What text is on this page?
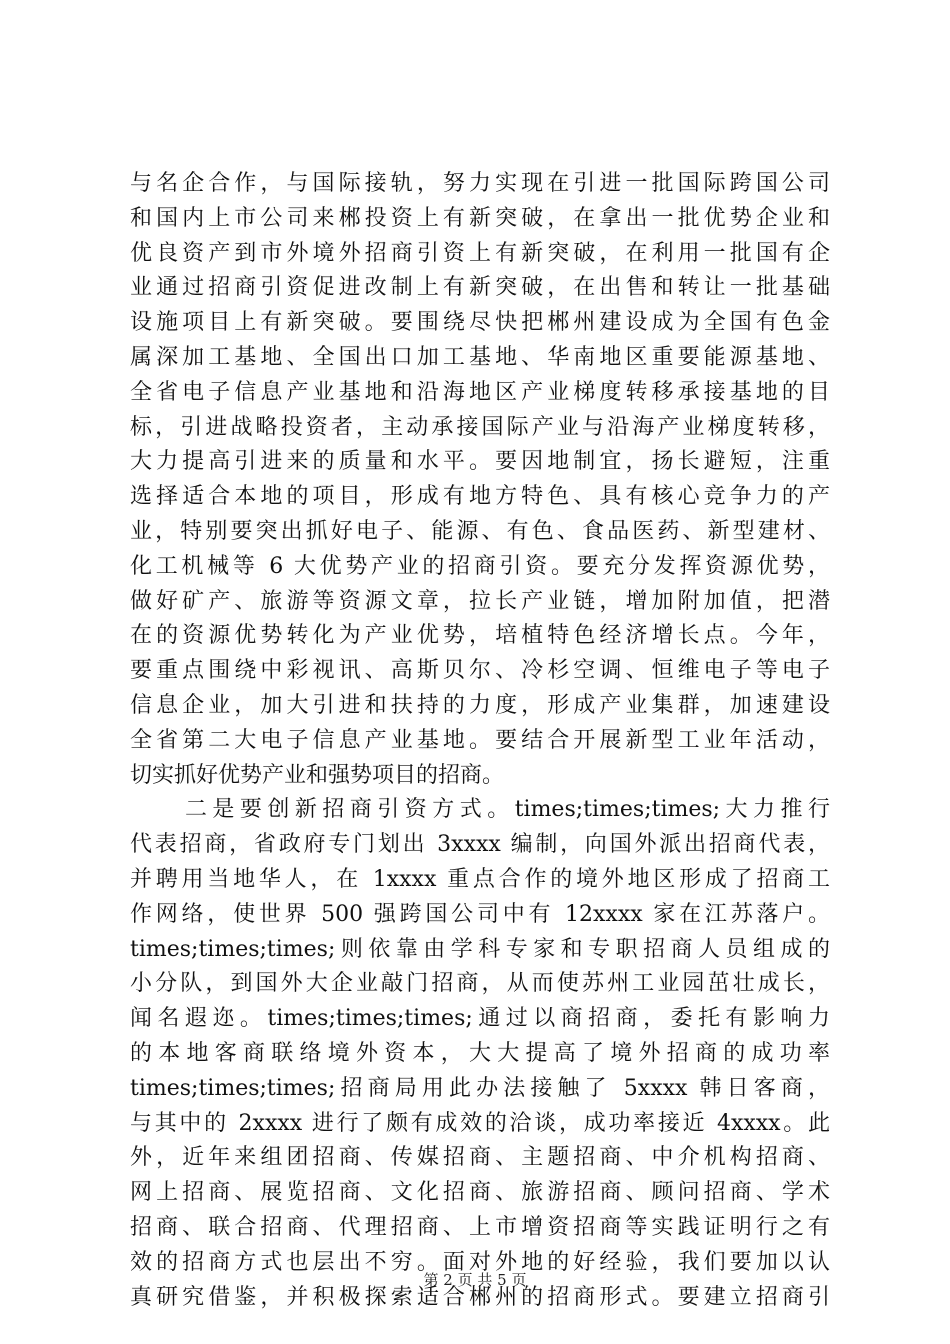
与名企合作，与国际接轨，努力实现在引进一批国际跨国公司
和国内上市公司来郴投资上有新突破，在拿出一批优势企业和
优良资产到市外境外招商引资上有新突破，在利用一批国有企
业通过招商引资促进改制上有新突破，在出售和转让一批基础
设施项目上有新突破。要围绕尽快把郴州建设成为全国有色金
属深加工基地、全国出口加工基地、华南地区重要能源基地、
全省电子信息产业基地和沿海地区产业梯度转移承接基地的目
标，引进战略投资者，主动承接国际产业与沿海产业梯度转移，
大力提高引进来的质量和水平。要因地制宜，扬长避短，注重
选择适合本地的项目，形成有地方特色、具有核心竞争力的产
业，特别要突出抓好电子、能源、有色、食品医药、新型建材、
化工机械等 6 大优势产业的招商引资。要充分发挥资源优势，
做好矿产、旅游等资源文章，拉长产业链，增加附加值，把潜
在的资源优势转化为产业优势，培植特色经济增长点。今年，
要重点围绕中彩视讯、高斯贝尔、冷杉空调、恒维电子等电子
信息企业，加大引进和扶持的力度，形成产业集群，加速建设
全省第二大电子信息产业基地。要结合开展新型工业年活动，
切实抓好优势产业和强势项目的招商。
　　二是要创新招商引资方式。times;times;times;大力推行
代表招商，省政府专门划出 3xxxx 编制，向国外派出招商代表，
并聘用当地华人，在 1xxxx 重点合作的境外地区形成了招商工
作网络，使世界 500 强跨国公司中有 12xxxx 家在江苏落户。
times;times;times;则依靠由学科专家和专职招商人员组成的
小分队，到国外大企业敲门招商，从而使苏州工业园茁壮成长，
闻名遐迩。times;times;times;通过以商招商，委托有影响力
的本地客商联络境外资本，大大提高了境外招商的成功率
times;times;times;招商局用此办法接触了 5xxxx 韩日客商，
与其中的 2xxxx 进行了颇有成效的洽谈，成功率接近 4xxxx。此
外，近年来组团招商、传媒招商、主题招商、中介机构招商、
网上招商、展览招商、文化招商、旅游招商、顾问招商、学术
招商、联合招商、代理招商、上市增资招商等实践证明行之有
效的招商方式也层出不穷。面对外地的好经验，我们要加以认
真研究借鉴，并积极探索适合郴州的招商形式。要建立招商引
第 2 页 共 5 页
